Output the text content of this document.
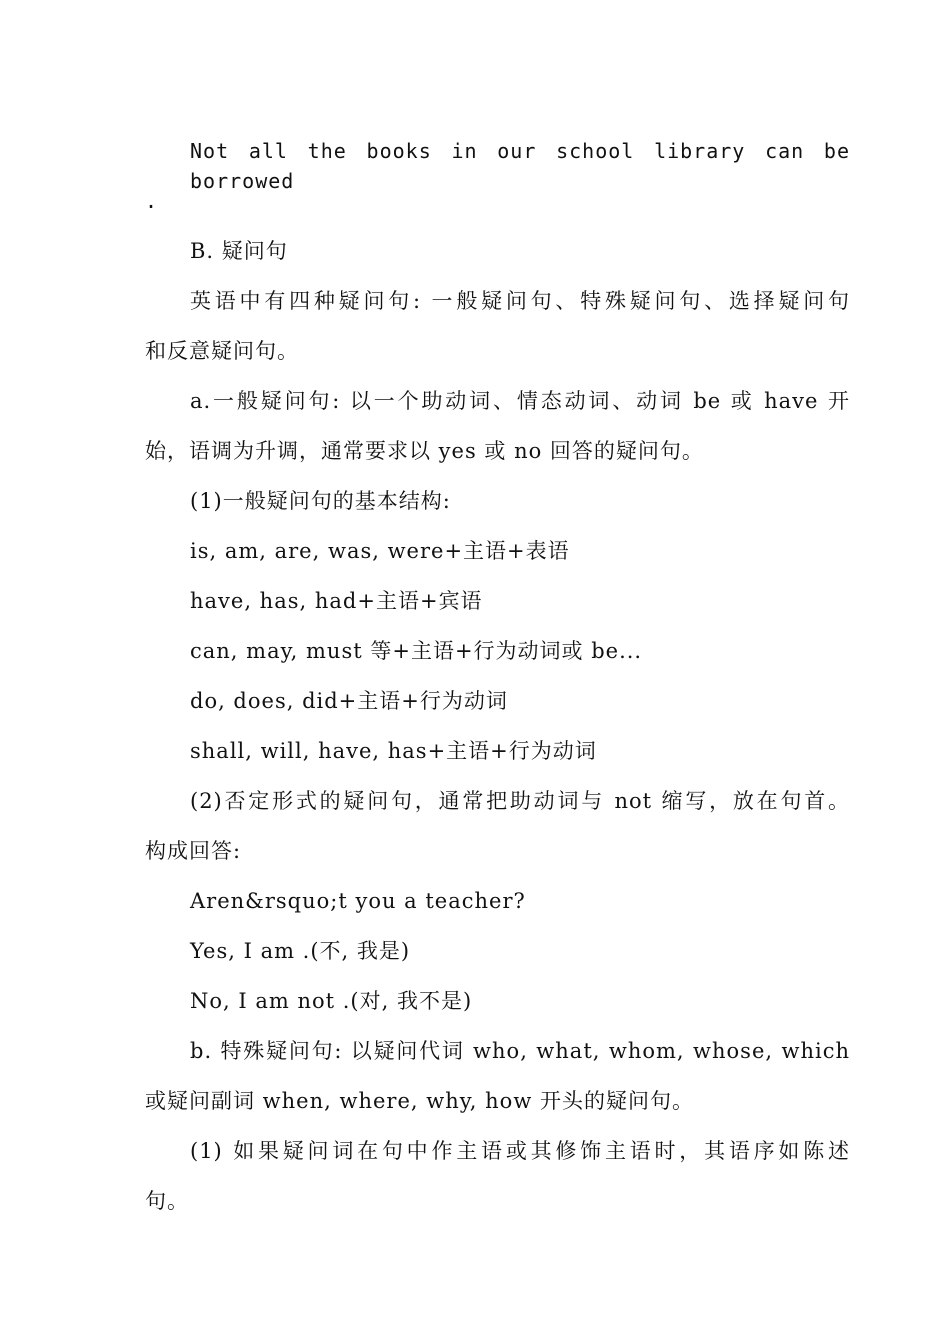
Not all the books in our school library can be borrowed
.
B. 疑问句
英语中有四种疑问句: 一般疑问句、特殊疑问句、选择疑问句
和反意疑问句。
a.一般疑问句: 以一个助动词、情态动词、动词 be 或 have 开
始，语调为升调，通常要求以 yes 或 no 回答的疑问句。
(1)一般疑问句的基本结构:
is, am, are, was, were+主语+表语
have, has, had+主语+宾语
can, may, must 等+主语+行为动词或 be...
do, does, did+主语+行为动词
shall, will, have, has+主语+行为动词
(2)否定形式的疑问句，通常把助动词与 not 缩写，放在句首。
构成回答:
Aren&rsquo;t you a teacher?
Yes, I am .(不, 我是)
No, I am not .(对, 我不是)
b. 特殊疑问句: 以疑问代词 who, what, whom, whose, which
或疑问副词 when, where, why, how 开头的疑问句。
(1) 如果疑问词在句中作主语或其修饰主语时，其语序如陈述
句。
